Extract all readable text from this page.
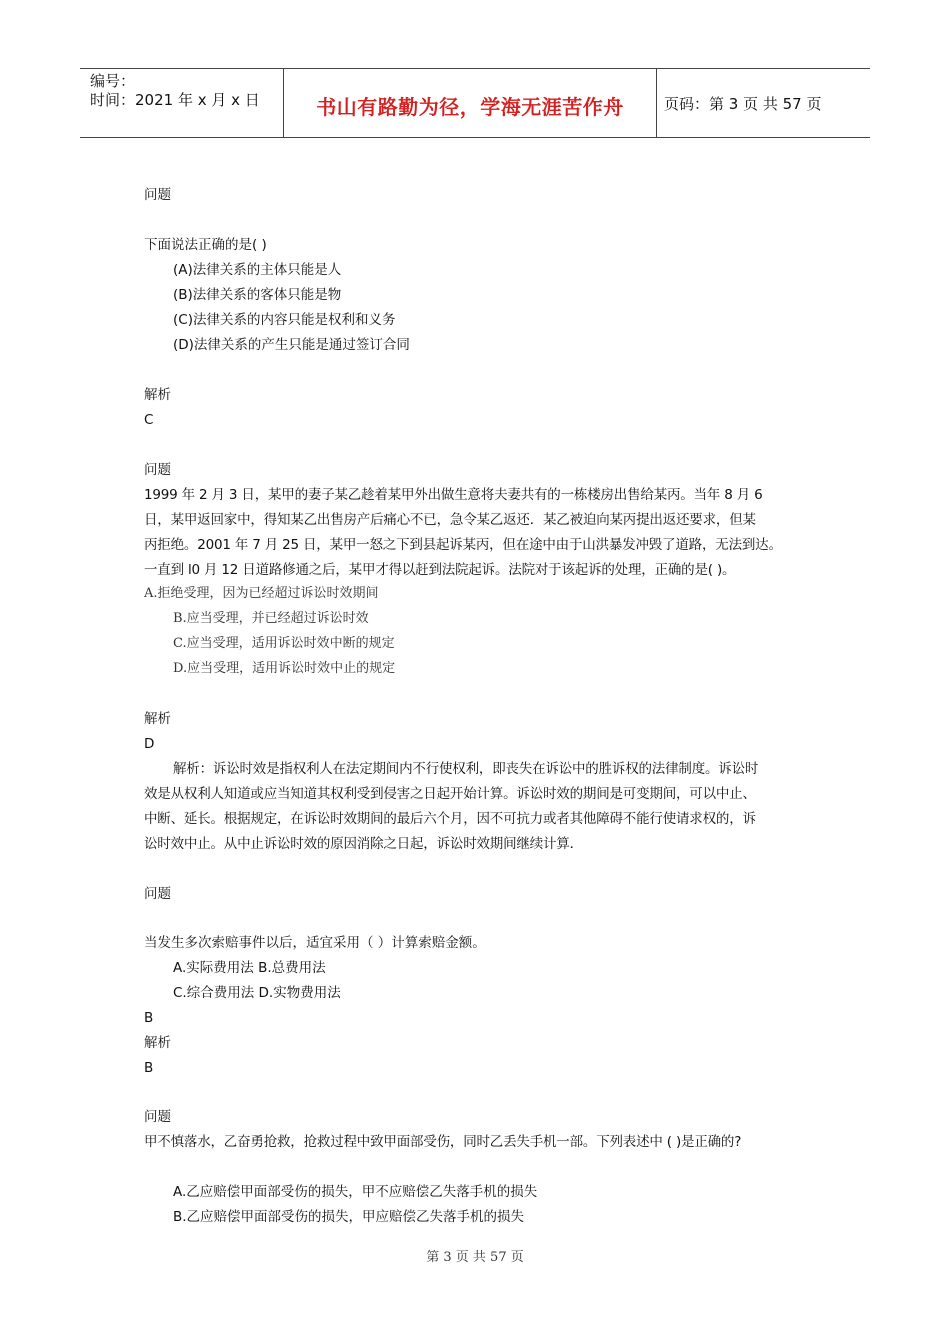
编号：
时间：2021 年 x 月 x 日	书山有路勤为径，学海无涯苦作舟	页码：第 3 页 共 57 页
问题
下面说法正确的是( )
(A)法律关系的主体只能是人
(B)法律关系的客体只能是物
(C)法律关系的内容只能是权利和义务
(D)法律关系的产生只能是通过签订合同
解析
C
问题
1999 年 2 月 3 日，某甲的妻子某乙趁着某甲外出做生意将夫妻共有的一栋楼房出售给某丙。当年 8 月 6
日，某甲返回家中，得知某乙出售房产后痛心不已，急令某乙返还．某乙被迫向某丙提出返还要求，但某
丙拒绝。2001 年 7 月 25 日，某甲一怒之下到县起诉某丙，但在途中由于山洪暴发冲毁了道路，无法到达。
一直到 l0 月 12 日道路修通之后，某甲才得以赶到法院起诉。法院对于该起诉的处理，正确的是( )。
A.拒绝受理，因为已经超过诉讼时效期间
B.应当受理，并已经超过诉讼时效
C.应当受理，适用诉讼时效中断的规定
D.应当受理，适用诉讼时效中止的规定
解析
D
解析：诉讼时效是指权利人在法定期间内不行使权利，即丧失在诉讼中的胜诉权的法律制度。诉讼时
效是从权利人知道或应当知道其权利受到侵害之日起开始计算。诉讼时效的期间是可变期间，可以中止、
中断、延长。根据规定，在诉讼时效期间的最后六个月，因不可抗力或者其他障碍不能行使请求权的，诉
讼时效中止。从中止诉讼时效的原因消除之日起，诉讼时效期间继续计算．
问题
当发生多次索赔事件以后，适宜采用（ ）计算索赔金额。
A.实际费用法 B.总费用法
C.综合费用法 D.实物费用法
B
解析
B
问题
甲不慎落水，乙奋勇抢救，抢救过程中致甲面部受伤，同时乙丢失手机一部。下列表述中 ( )是正确的?
A.乙应赔偿甲面部受伤的损失，甲不应赔偿乙失落手机的损失
B.乙应赔偿甲面部受伤的损失，甲应赔偿乙失落手机的损失
第 3 页 共 57 页
